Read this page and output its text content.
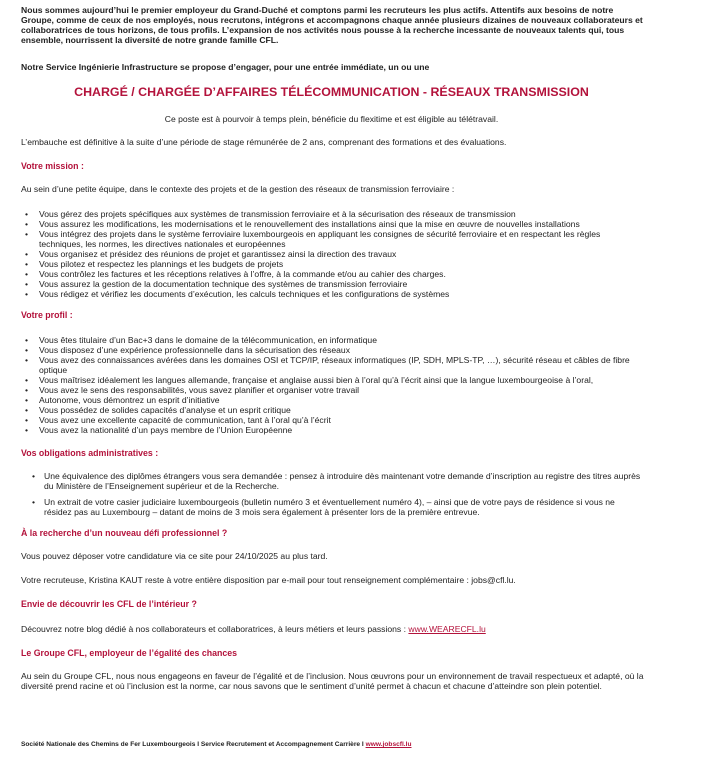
Nous sommes aujourd’hui le premier employeur du Grand-Duché et comptons parmi les recruteurs les plus actifs. Attentifs aux besoins de notre Groupe, comme de ceux de nos employés, nous recrutons, intégrons et accompagnons chaque année plusieurs dizaines de nouveaux collaborateurs et collaboratrices de tous horizons, de tous profils. L’expansion de nos activités nous pousse à la recherche incessante de nouveaux talents qui, tous ensemble, nourrissent la diversité de notre grande famille CFL.
Notre Service Ingénierie Infrastructure se propose d’engager, pour une entrée immédiate, un ou une
CHARGÉ / CHARGÉE D’AFFAIRES TÉLÉCOMMUNICATION - RÉSEAUX TRANSMISSION
Ce poste est à pourvoir à temps plein, bénéficie du flexitime et est éligible au télétravail.
L’embauche est définitive à la suite d’une période de stage rémunérée de 2 ans, comprenant des formations et des évaluations.
Votre mission :
Au sein d’une petite équipe, dans le contexte des projets et de la gestion des réseaux de transmission ferroviaire :
• Vous gérez des projets spécifiques aux systèmes de transmission ferroviaire et à la sécurisation des réseaux de transmission
• Vous assurez les modifications, les modernisations et le renouvellement des installations ainsi que la mise en œuvre de nouvelles installations
• Vous intégrez des projets dans le système ferroviaire luxembourgeois en appliquant les consignes de sécurité ferroviaire et en respectant les règles techniques, les normes, les directives nationales et européennes
• Vous organisez et présidez des réunions de projet et garantissez ainsi la direction des travaux
• Vous pilotez et respectez les plannings et les budgets de projets
• Vous contrôlez les factures et les réceptions relatives à l’offre, à la commande et/ou au cahier des charges.
• Vous assurez la gestion de la documentation technique des systèmes de transmission ferroviaire
• Vous rédigez et vérifiez les documents d’exécution, les calculs techniques et les configurations de systèmes
Votre profil :
• Vous êtes titulaire d’un Bac+3 dans le domaine de la télécommunication, en informatique
• Vous disposez d’une expérience professionnelle dans la sécurisation des réseaux
• Vous avez des connaissances avérées dans les domaines OSI et TCP/IP, réseaux informatiques (IP, SDH, MPLS-TP, …), sécurité réseau et câbles de fibre optique
• Vous maîtrisez idéalement les langues allemande, française et anglaise aussi bien à l’oral qu’à l’écrit ainsi que la langue luxembourgeoise à l’oral,
• Vous avez le sens des responsabilités, vous savez planifier et organiser votre travail
• Autonome, vous démontrez un esprit d’initiative
• Vous possédez de solides capacités d’analyse et un esprit critique
• Vous avez une excellente capacité de communication, tant à l’oral qu’à l’écrit
• Vous avez la nationalité d’un pays membre de l’Union Européenne
Vos obligations administratives :
• Une équivalence des diplômes étrangers vous sera demandée : pensez à introduire dès maintenant votre demande d’inscription au registre des titres auprès du Ministère de l’Enseignement supérieur et de la Recherche.
• Un extrait de votre casier judiciaire luxembourgeois (bulletin numéro 3 et éventuellement numéro 4), – ainsi que de votre pays de résidence si vous ne résidez pas au Luxembourg – datant de moins de 3 mois sera également à présenter lors de la première entrevue.
À la recherche d’un nouveau défi professionnel ?
Vous pouvez déposer votre candidature via ce site pour 24/10/2025 au plus tard.
Votre recruteuse, Kristina KAUT reste à votre entière disposition par e-mail pour tout renseignement complémentaire : jobs@cfl.lu.
Envie de découvrir les CFL de l’intérieur ?
Découvrez notre blog dédié à nos collaborateurs et collaboratrices, à leurs métiers et leurs passions : www.WEARECFL.lu
Le Groupe CFL, employeur de l’égalité des chances
Au sein du Groupe CFL, nous nous engageons en faveur de l’égalité et de l’inclusion. Nous œuvrons pour un environnement de travail respectueux et adapté, où la diversité prend racine et où l’inclusion est la norme, car nous savons que le sentiment d’unité permet à chacun et chacune d’atteindre son plein potentiel.
Société Nationale des Chemins de Fer Luxembourgeois I Service Recrutement et Accompagnement Carrière I www.jobscfl.lu
